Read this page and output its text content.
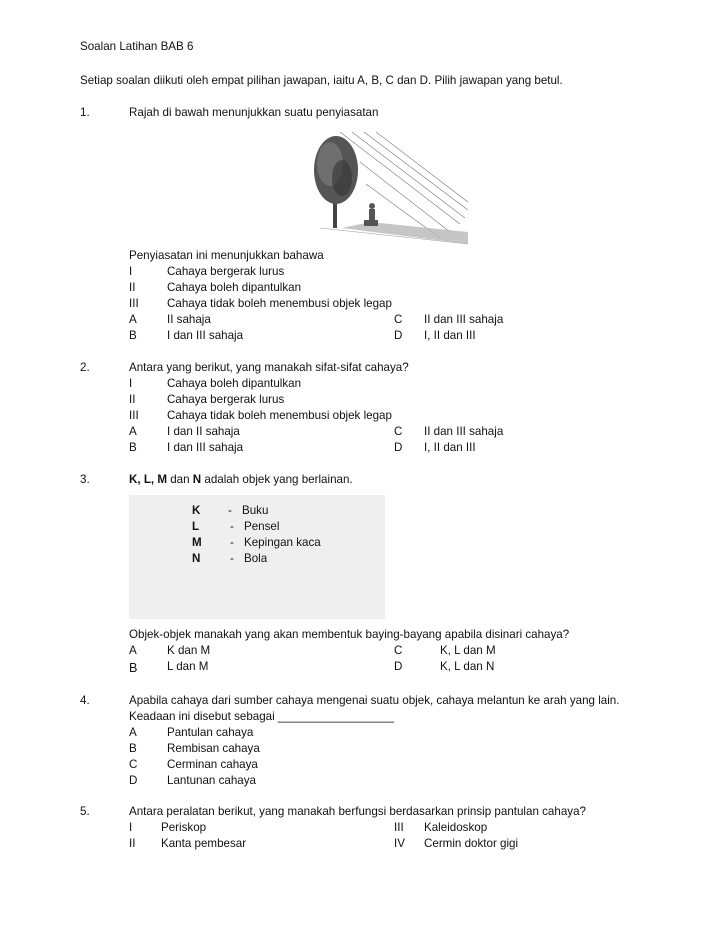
Soalan Latihan BAB 6
Setiap soalan diikuti oleh empat pilihan jawapan, iaitu A, B, C dan D. Pilih jawapan yang betul.
1.	Rajah di bawah menunjukkan suatu penyiasatan
Penyiasatan ini menunjukkan bahawa
I	Cahaya bergerak lurus
II	Cahaya boleh dipantulkan
III Cahaya tidak boleh menembusi objek legap
A	II sahaja	C II dan III sahaja
B	I dan III sahaja	D I, II dan III
2.	Antara yang berikut, yang manakah sifat-sifat cahaya?
I	Cahaya boleh dipantulkan
II	Cahaya bergerak lurus
III Cahaya tidak boleh menembusi objek legap
A	I dan II sahaja	C II dan III sahaja
B	I dan III sahaja	D I, II dan III
3.	K, L, M dan N adalah objek yang berlainan.
K - Buku
L	- Pensel
M - Kepingan kaca
N	- Bola
Objek-objek manakah yang akan membentuk baying-bayang apabila disinari cahaya?
A	K dan M	C	K, L dan M
B	L dan M	D	K, L dan N
4.	Apabila cahaya dari sumber cahaya mengenai suatu objek, cahaya melantun ke arah yang lain.
Keadaan ini disebut sebagai __________________
A	Pantulan cahaya
B	Rembisan cahaya
C	Cerminan cahaya
D	Lantunan cahaya
5.	Antara peralatan berikut, yang manakah berfungsi berdasarkan prinsip pantulan cahaya?
I Periskop	III Kaleidoskop
II Kanta pembesar	IV Cermin doktor gigi
